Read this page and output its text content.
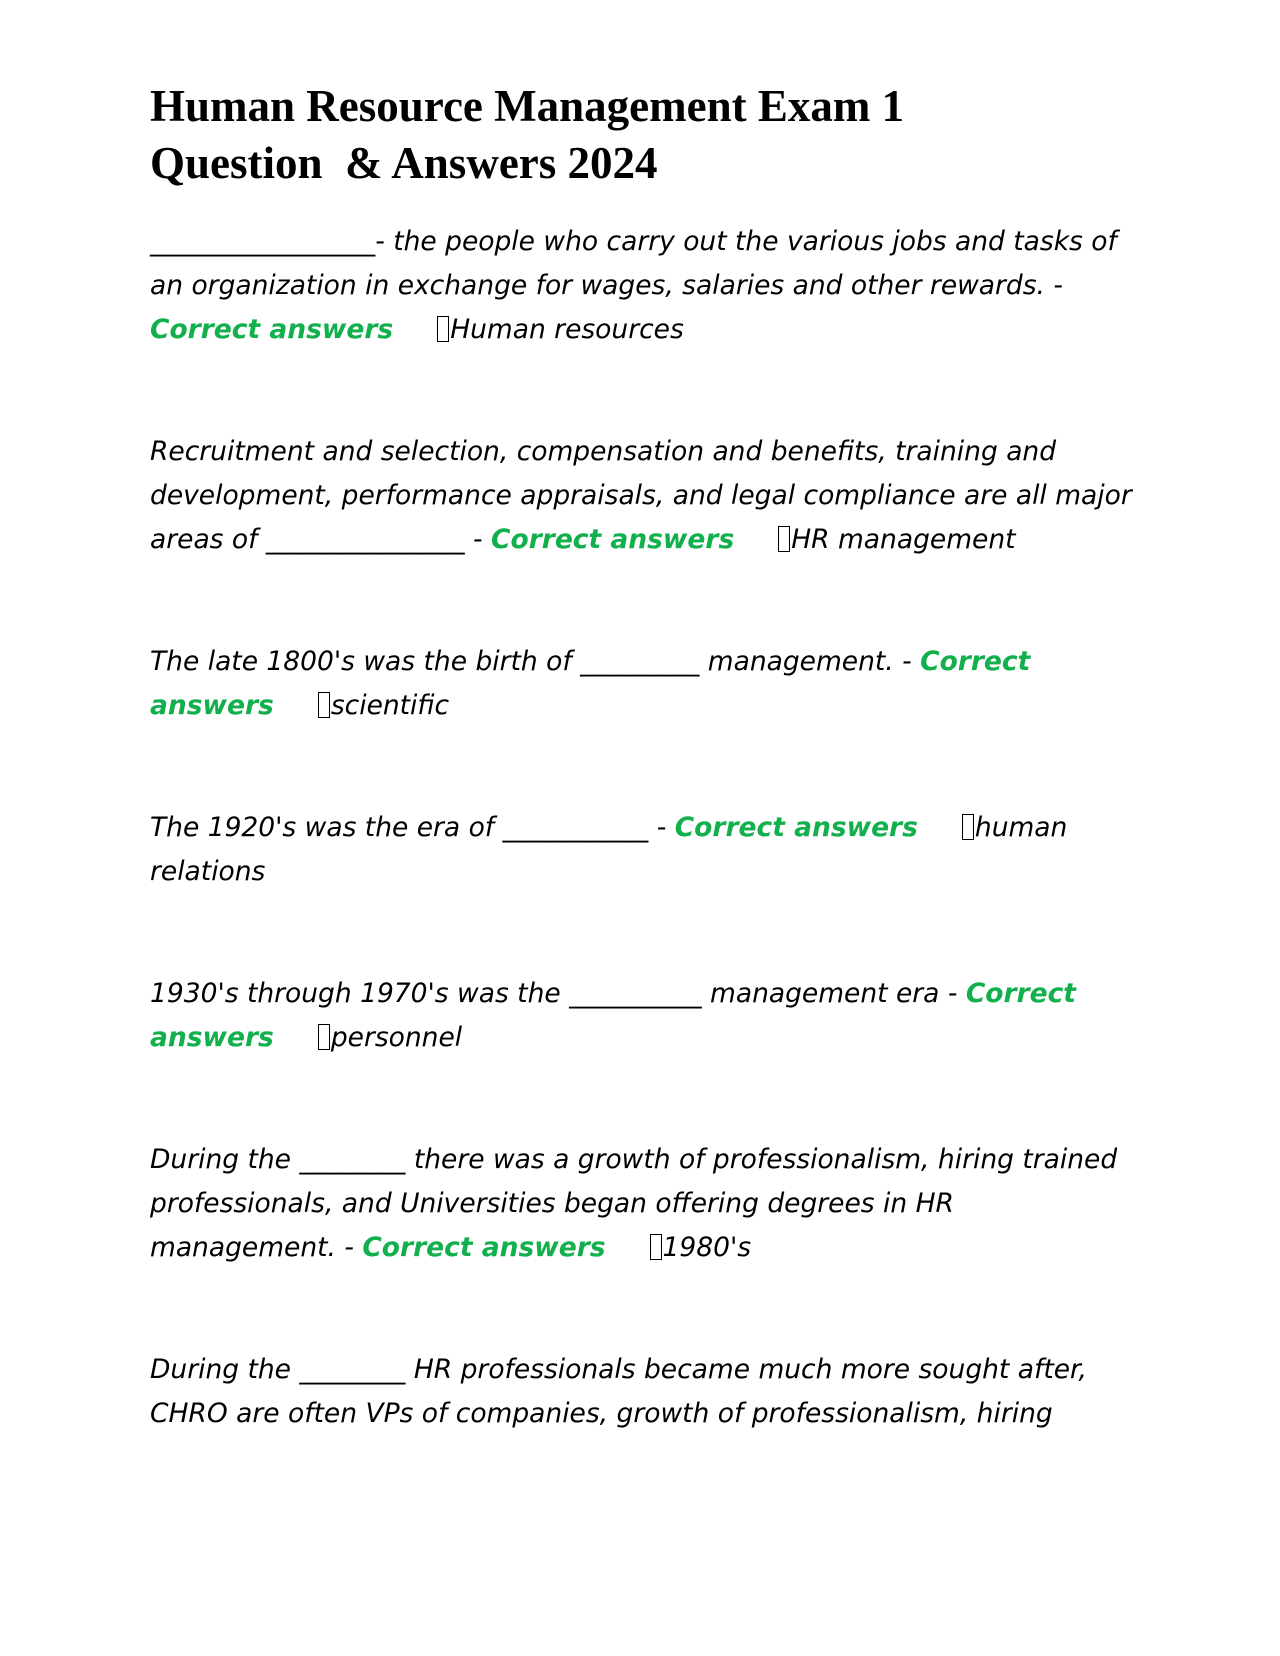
Human Resource Management Exam 1
Question  & Answers 2024

_________________- the people who carry out the various jobs and tasks of an organization in exchange for wages, salaries and other rewards. - Correct answers Human resources

Recruitment and selection, compensation and benefits, training and development, performance appraisals, and legal compliance are all major areas of _______________ - Correct answers HR management

The late 1800's was the birth of _________ management. - Correct answers scientific

The 1920's was the era of ___________ - Correct answers human relations

1930's through 1970's was the __________ management era - Correct answers personnel

During the ________ there was a growth of professionalism, hiring trained professionals, and Universities began offering degrees in HR management. - Correct answers 1980's

During the ________ HR professionals became much more sought after, CHRO are often VPs of companies, growth of professionalism, hiring
